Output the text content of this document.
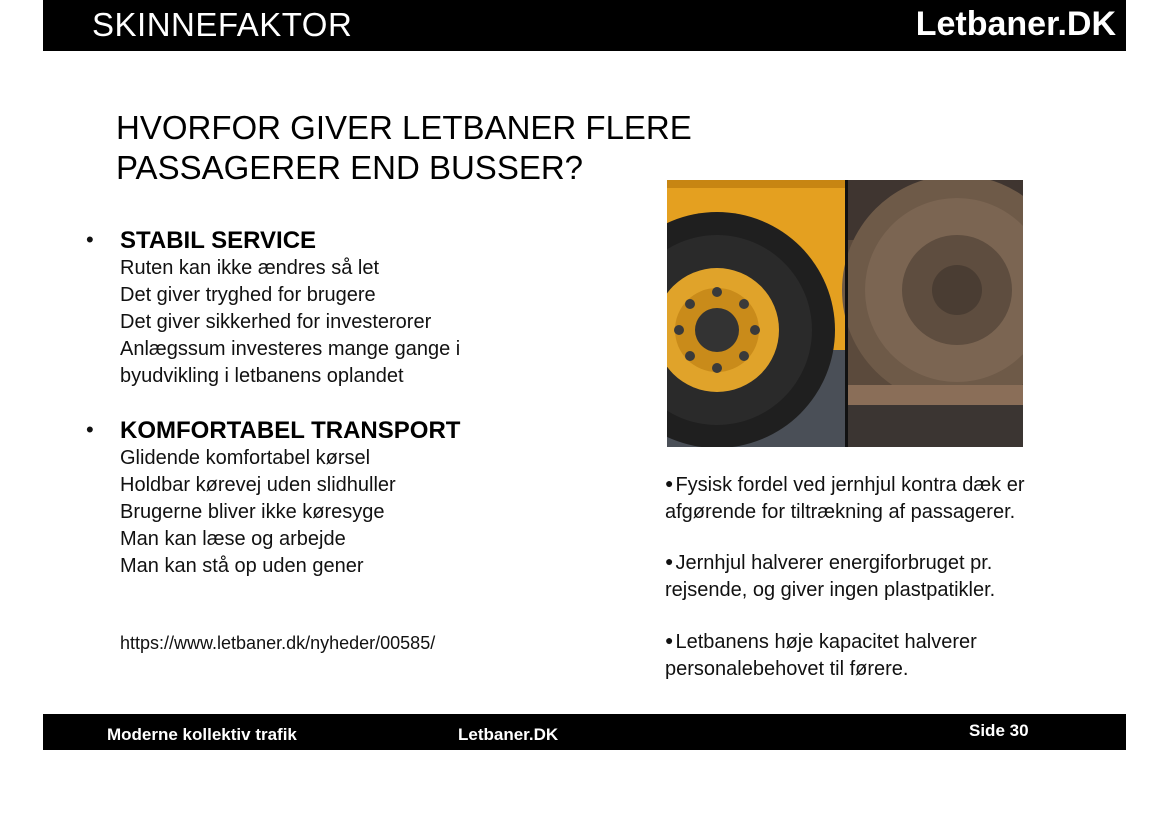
SKINNEFAKTOR	Letbaner.DK
HVORFOR GIVER LETBANER FLERE
PASSAGERER END BUSSER?
• STABIL SERVICE
Ruten kan ikke ændres så let
Det giver tryghed for brugere
Det giver sikkerhed for investerorer
Anlægssum investeres mange gange i
byudvikling i letbanens oplandet
• KOMFORTABEL TRANSPORT
Glidende komfortabel kørsel
Holdbar kørevej uden slidhuller
Brugerne bliver ikke køresyge
Man kan læse og arbejde
Man kan stå op uden gener
https://www.letbaner.dk/nyheder/00585/
● Fysisk fordel ved jernhjul kontra dæk er
afgørende for tiltrækning af passagerer.
● Jernhjul halverer energiforbruget pr.
rejsende, og giver ingen plastpatikler.
● Letbanens høje kapacitet halverer
personalebehovet til førere.
Moderne kollektiv trafik	Letbaner.DK	Side 30
